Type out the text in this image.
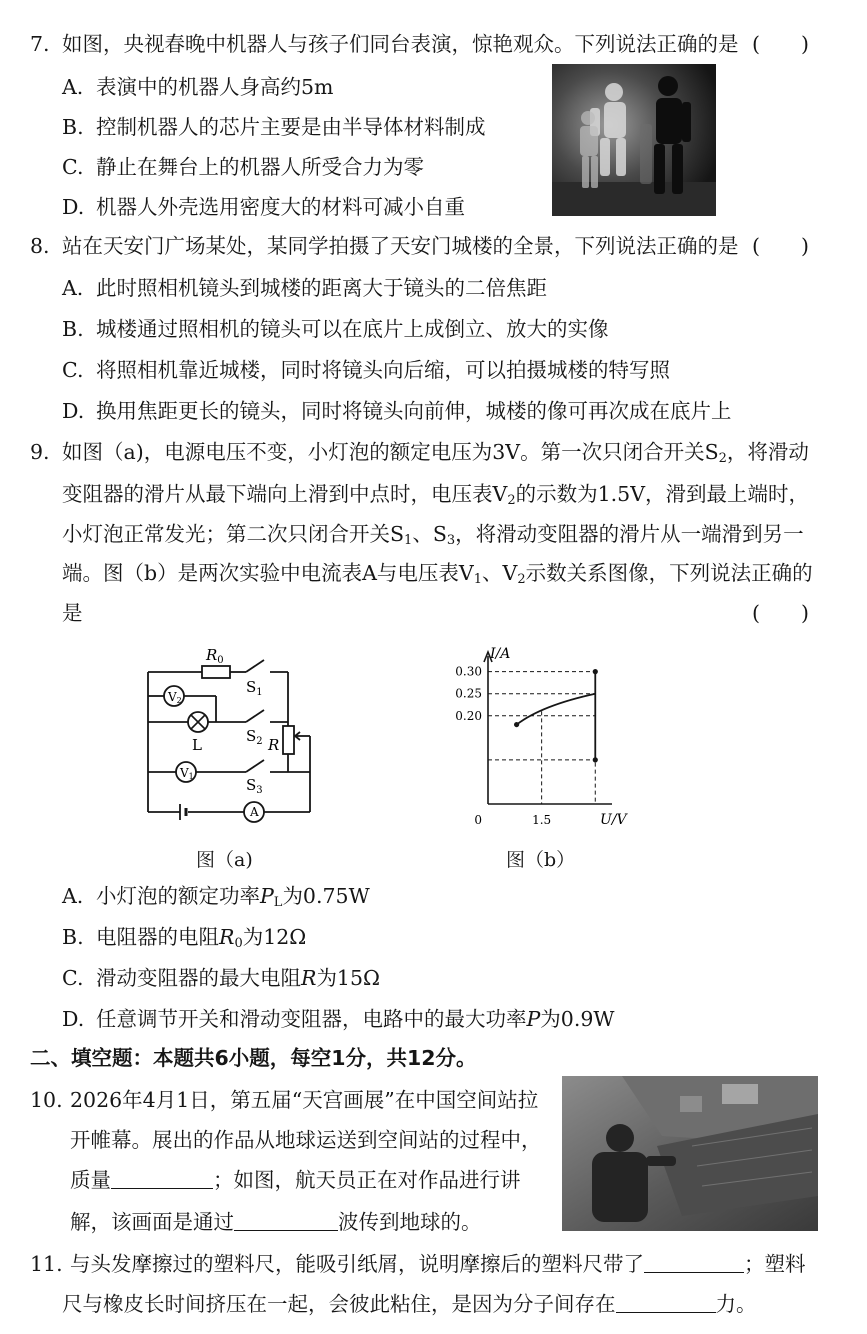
7. 如图，央视春晚中机器人与孩子们同台表演，惊艳观众。下列说法正确的是 (　　)
A. 表演中的机器人身高约5m
B. 控制机器人的芯片主要是由半导体材料制成
C. 静止在舞台上的机器人所受合力为零
D. 机器人外壳选用密度大的材料可减小自重
8. 站在天安门广场某处，某同学拍摄了天安门城楼的全景，下列说法正确的是 (　　)
A. 此时照相机镜头到城楼的距离大于镜头的二倍焦距
B. 城楼通过照相机的镜头可以在底片上成倒立、放大的实像
C. 将照相机靠近城楼，同时将镜头向后缩，可以拍摄城楼的特写照
D. 换用焦距更长的镜头，同时将镜头向前伸，城楼的像可再次成在底片上
9. 如图（a)，电源电压不变，小灯泡的额定电压为3V。第一次只闭合开关$S_2$，将滑动
变阻器的滑片从最下端向上滑到中点时，电压表$V_2$的示数为1.5V，滑到最上端时，
小灯泡正常发光；第二次只闭合开关$S_1$、$S_3$，将滑动变阻器的滑片从一端滑到另一
端。图（b）是两次实验中电流表A与电压表$V_1$、$V_2$示数关系图像，下列说法正确的
是	(　　)
V2
V1
A
$R_0$
$S_1$
$S_2$
$S_3$
R
L
图（a)
0.30
0.25
0.20
1.5
0
I/A
U/V
图（b）
A. 小灯泡的额定功率$P_L$为0.75W
B. 电阻器的电阻$R_0$为12Ω
C. 滑动变阻器的最大电阻R为15Ω
D. 任意调节开关和滑动变阻器，电路中的最大功率P为0.9W
二、填空题：本题共6小题，每空1分，共12分。
10. 2026年4月1日，第五届“天宫画展”在中国空间站拉
开帷幕。展出的作品从地球运送到空间站的过程中，
质量	；如图，航天员正在对作品进行讲
解，该画面是通过	波传到地球的。
11. 与头发摩擦过的塑料尺，能吸引纸屑，说明摩擦后的塑料尺带了	；塑料
尺与橡皮长时间挤压在一起，会彼此粘住，是因为分子间存在	力。
